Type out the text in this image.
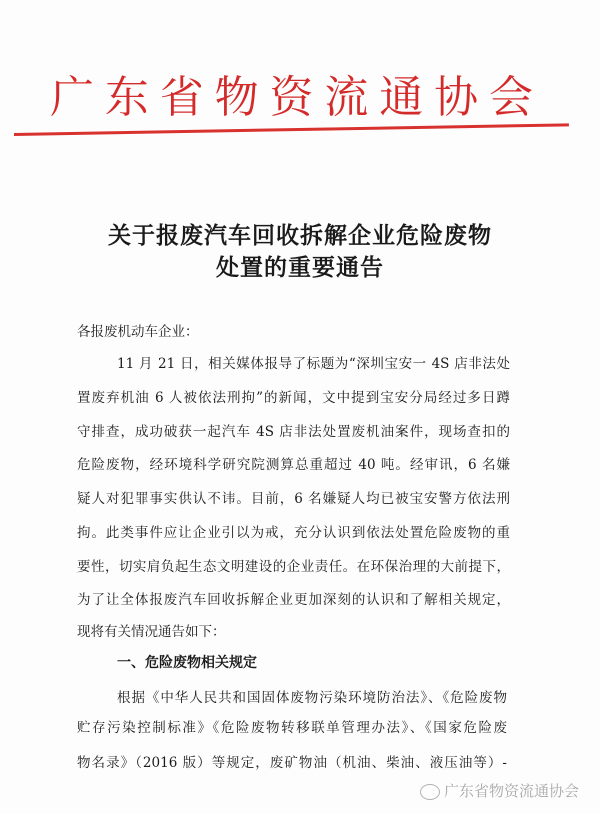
广东省物资流通协会
关于报废汽车回收拆解企业危险废物
处置的重要通告
各报废机动车企业：
11 月 21 日，相关媒体报导了标题为“深圳宝安一 4S 店非法处
置废弃机油 6 人被依法刑拘”的新闻，文中提到宝安分局经过多日蹲
守排查，成功破获一起汽车 4S 店非法处置废机油案件，现场查扣的
危险废物，经环境科学研究院测算总重超过 40 吨。经审讯，6 名嫌
疑人对犯罪事实供认不讳。目前，6 名嫌疑人均已被宝安警方依法刑
拘。此类事件应让企业引以为戒，充分认识到依法处置危险废物的重
要性，切实肩负起生态文明建设的企业责任。在环保治理的大前提下，
为了让全体报废汽车回收拆解企业更加深刻的认识和了解相关规定，
现将有关情况通告如下：
一、危险废物相关规定
根据《中华人民共和国固体废物污染环境防治法》、《危险废物
贮存污染控制标准》《危险废物转移联单管理办法》、《国家危险废
物名录》（2016 版）等规定，废矿物油（机油、柴油、液压油等）-
广东省物资流通协会
